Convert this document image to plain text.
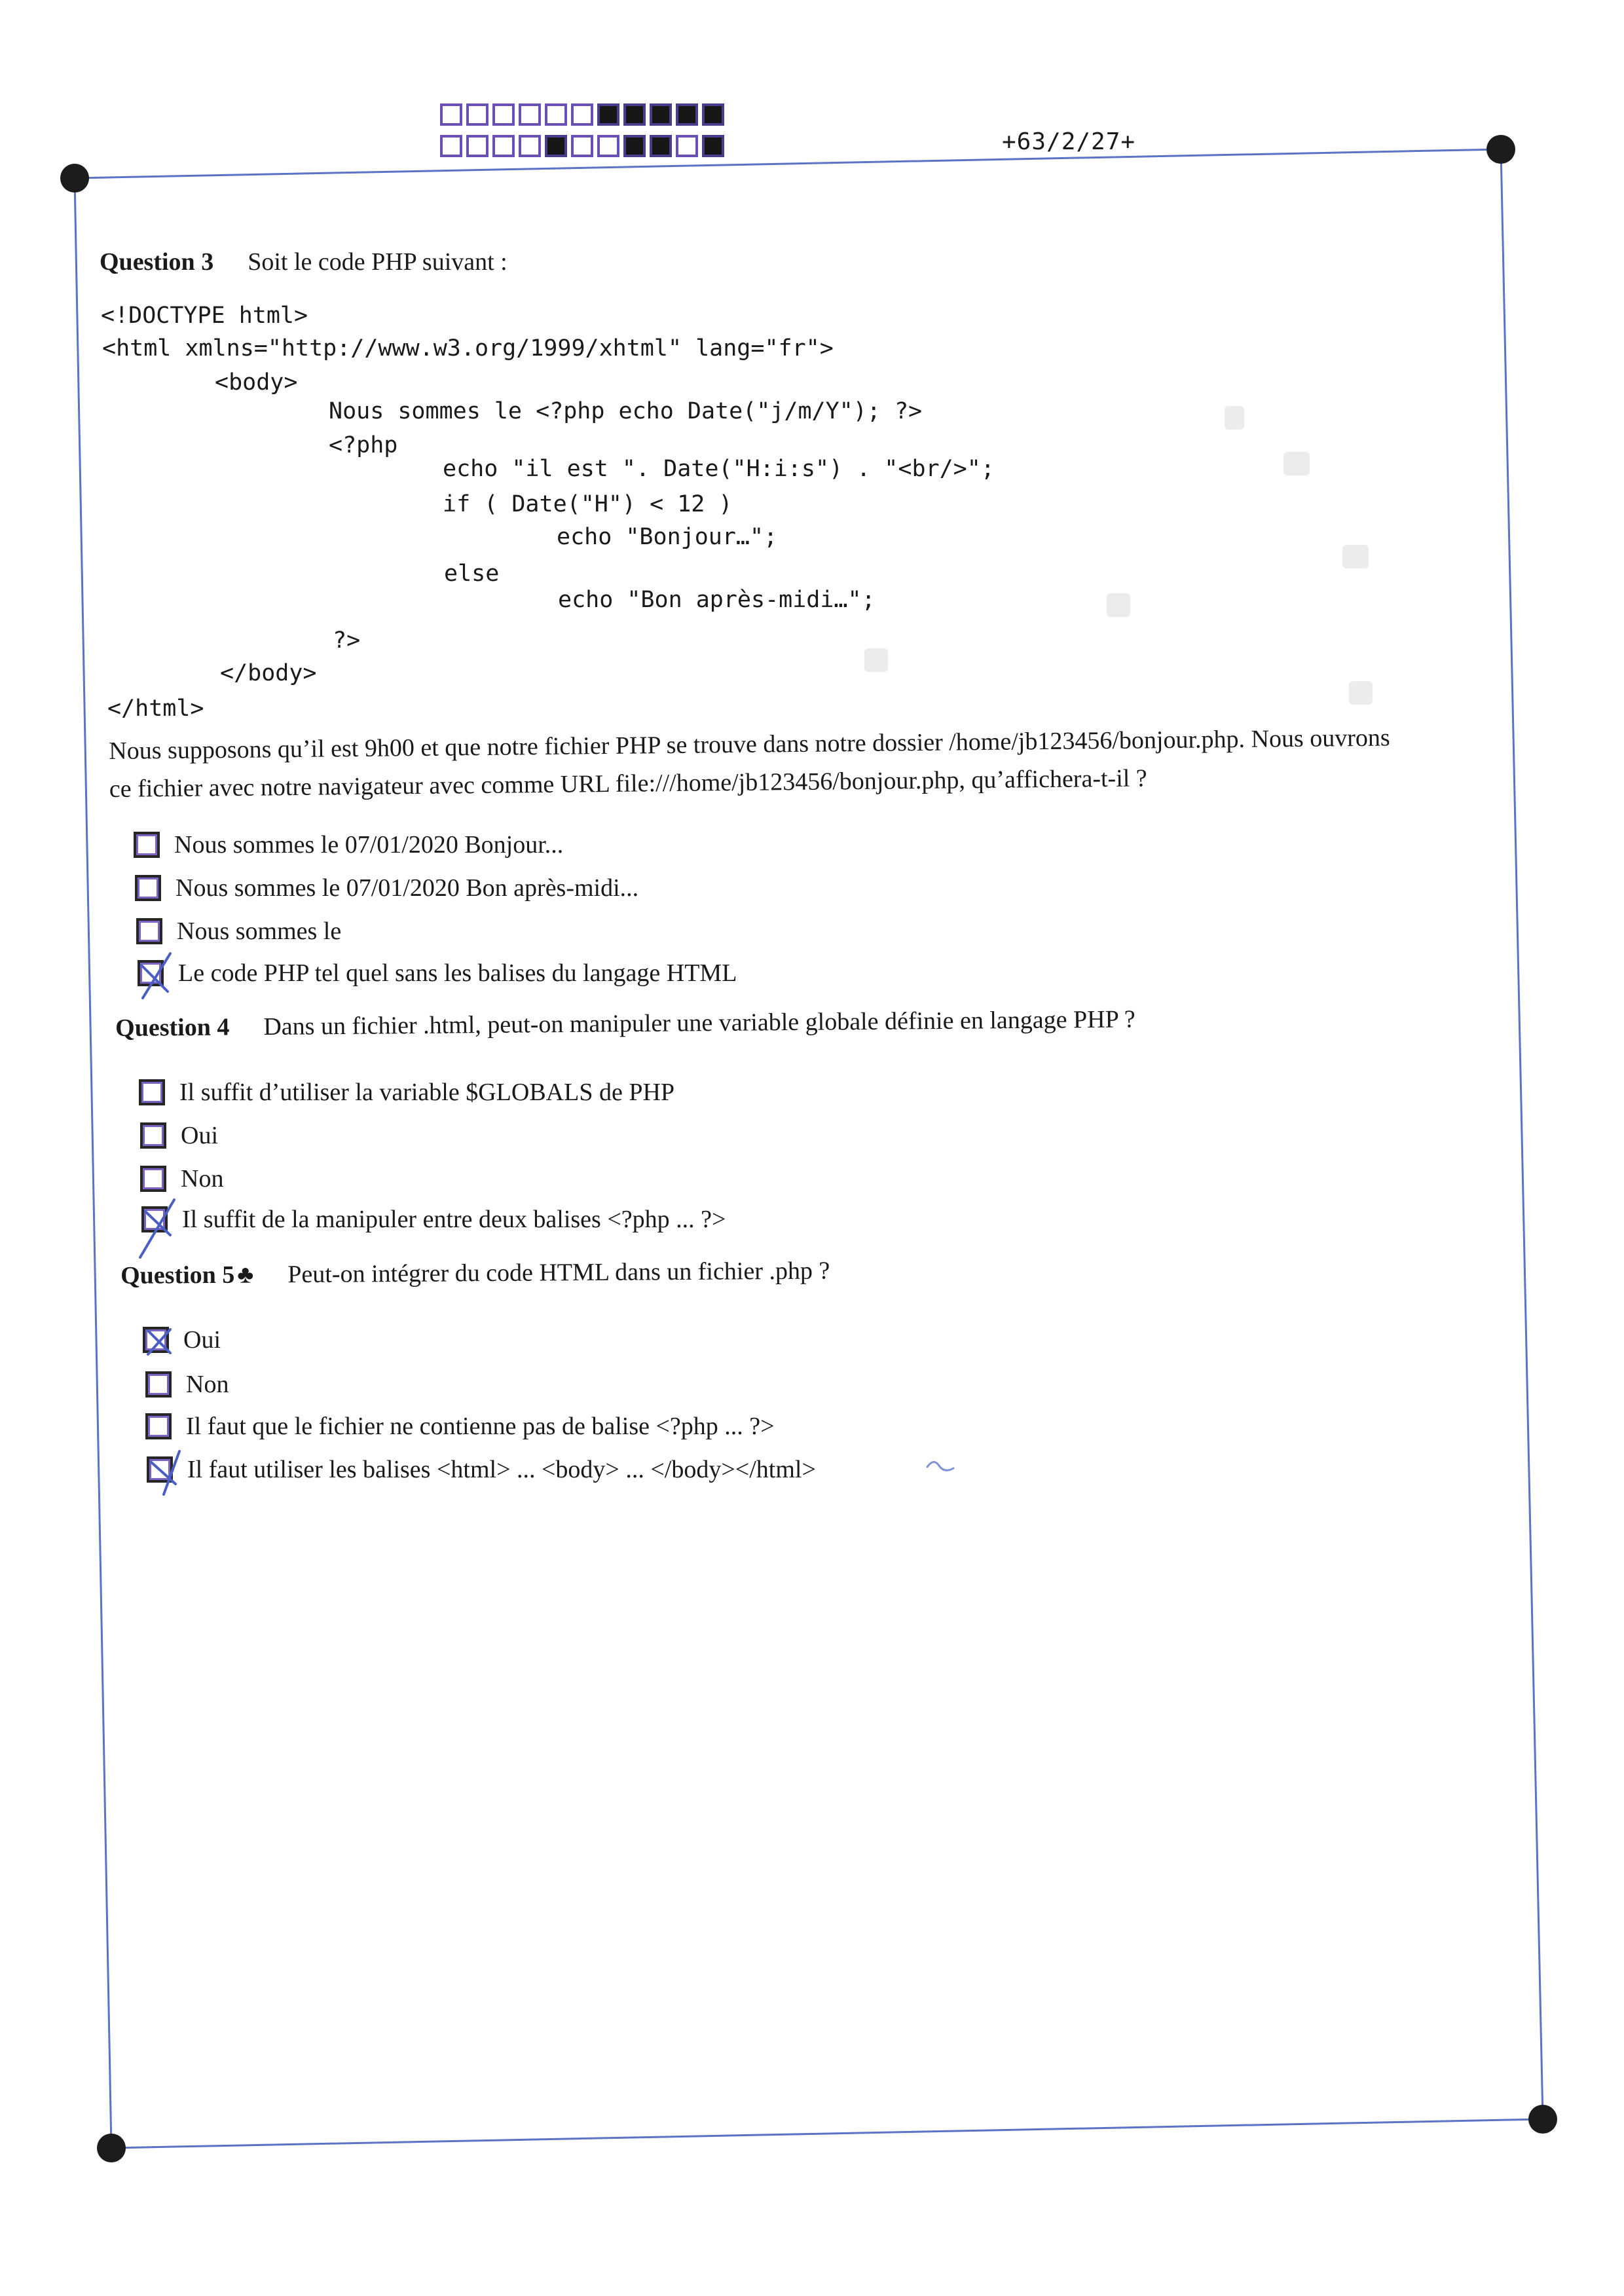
+63/2/27+
Question 3 Soit le code PHP suivant :
<!DOCTYPE html>
<html xmlns="http://www.w3.org/1999/xhtml" lang="fr">
<body>
Nous sommes le <?php echo Date("j/m/Y"); ?>
<?php
echo "il est ". Date("H:i:s") . "<br/>";
if ( Date("H") < 12 )
echo "Bonjour…";
else
echo "Bon après-midi…";
?>
</body>
</html>
Nous supposons qu’il est 9h00 et que notre fichier PHP se trouve dans notre dossier /home/jb123456/bonjour.php. Nous ouvrons
ce fichier avec notre navigateur avec comme URL file:///home/jb123456/bonjour.php, qu’affichera-t-il ?
Nous sommes le 07/01/2020 Bonjour...
Nous sommes le 07/01/2020 Bon après-midi...
Nous sommes le
Le code PHP tel quel sans les balises du langage HTML
Question 4 Dans un fichier .html, peut-on manipuler une variable globale définie en langage PHP ?
Il suffit d’utiliser la variable $GLOBALS de PHP
Oui
Non
Il suffit de la manipuler entre deux balises <?php ... ?>
Question 5♣ Peut-on intégrer du code HTML dans un fichier .php ?
Oui
Non
Il faut que le fichier ne contienne pas de balise <?php ... ?>
Il faut utiliser les balises <html> ... <body> ... </body></html>
